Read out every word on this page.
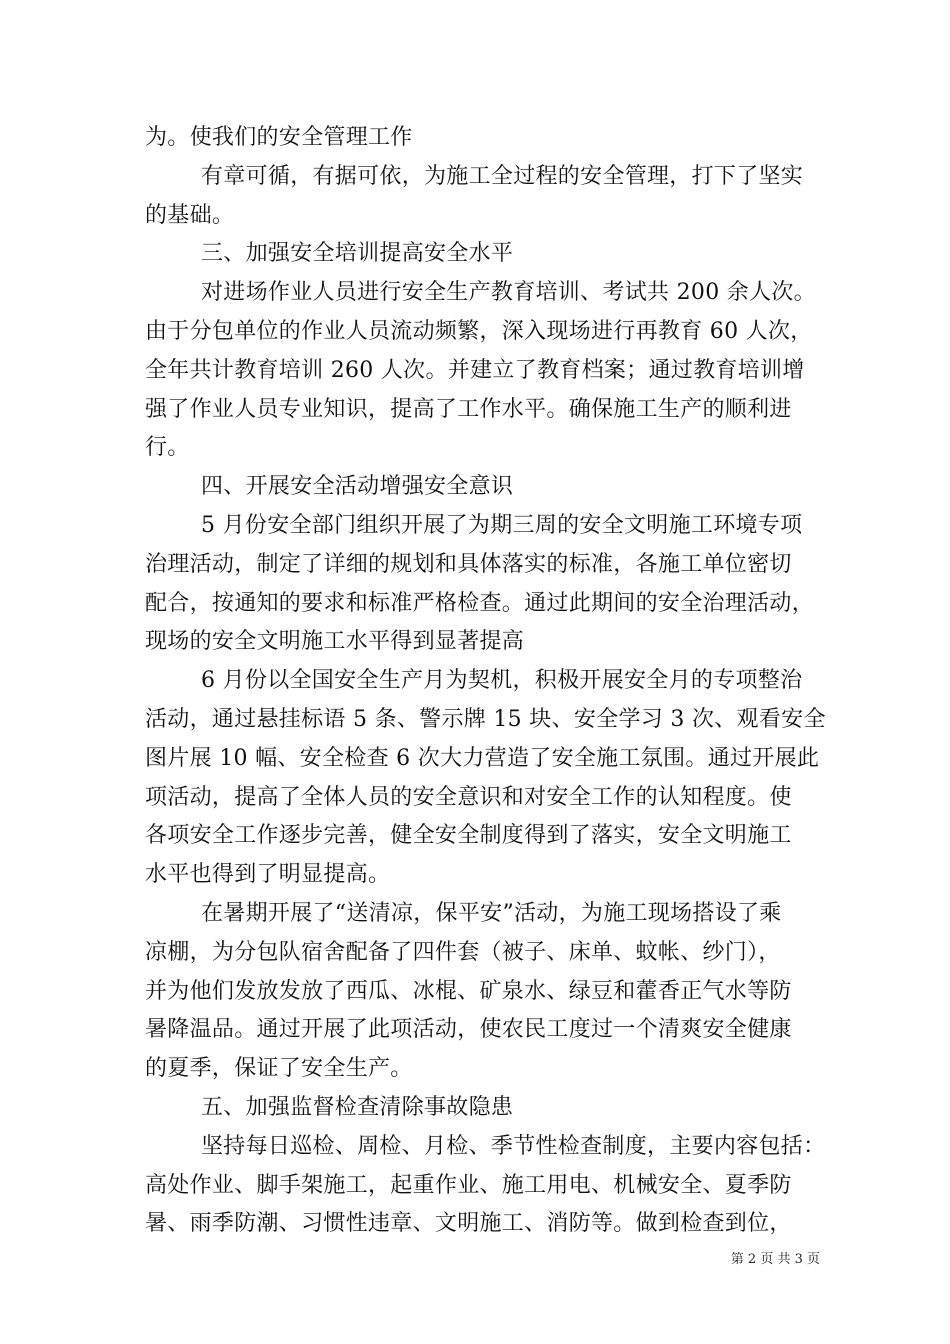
为。使我们的安全管理工作
有章可循，有据可依，为施工全过程的安全管理，打下了坚实
的基础。
三、加强安全培训提高安全水平
对进场作业人员进行安全生产教育培训、考试共 200 余人次。
由于分包单位的作业人员流动频繁，深入现场进行再教育 60 人次，
全年共计教育培训 260 人次。并建立了教育档案；通过教育培训增
强了作业人员专业知识，提高了工作水平。确保施工生产的顺利进
行。
四、开展安全活动增强安全意识
5 月份安全部门组织开展了为期三周的安全文明施工环境专项
治理活动，制定了详细的规划和具体落实的标准，各施工单位密切
配合，按通知的要求和标准严格检查。通过此期间的安全治理活动，
现场的安全文明施工水平得到显著提高
6 月份以全国安全生产月为契机，积极开展安全月的专项整治
活动，通过悬挂标语 5 条、警示牌 15 块、安全学习 3 次、观看安全
图片展 10 幅、安全检查 6 次大力营造了安全施工氛围。通过开展此
项活动，提高了全体人员的安全意识和对安全工作的认知程度。使
各项安全工作逐步完善，健全安全制度得到了落实，安全文明施工
水平也得到了明显提高。
在暑期开展了“送清凉，保平安”活动，为施工现场搭设了乘
凉棚，为分包队宿舍配备了四件套（被子、床单、蚊帐、纱门），
并为他们发放发放了西瓜、冰棍、矿泉水、绿豆和藿香正气水等防
暑降温品。通过开展了此项活动，使农民工度过一个清爽安全健康
的夏季，保证了安全生产。
五、加强监督检查清除事故隐患
坚持每日巡检、周检、月检、季节性检查制度，主要内容包括：
高处作业、脚手架施工，起重作业、施工用电、机械安全、夏季防
暑、雨季防潮、习惯性违章、文明施工、消防等。做到检查到位，
第 2 页 共 3 页
